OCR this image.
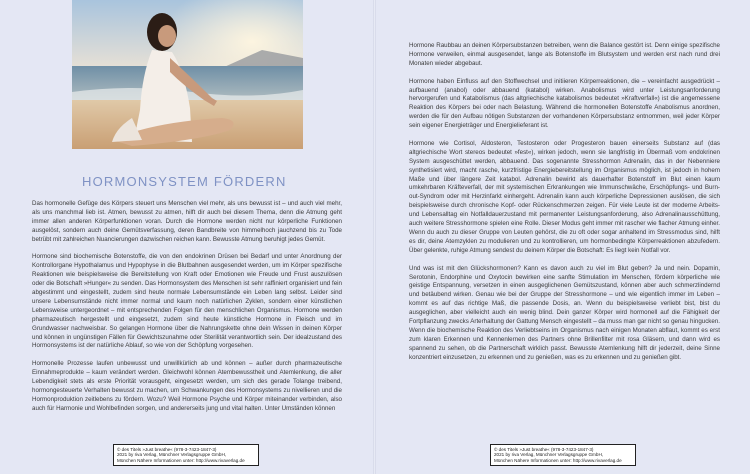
HORMONSYSTEM FÖRDERN

Das hormonelle Gefüge des Körpers steuert uns Menschen viel mehr, als uns bewusst ist – und auch viel mehr, als uns manchmal lieb ist. Atmen, bewusst zu atmen, hilft dir auch bei diesem Thema, denn die Atmung geht immer allen anderen Körperfunktionen voran. Durch die Hormone werden nicht nur körperliche Funktionen ausgelöst, sondern auch deine Gemütsverfassung, deren Bandbreite von himmelhoch jauchzend bis zu Tode betrübt mit zahlreichen Nuancierungen dazwischen reichen kann. Bewusste Atmung beruhigt jedes Gemüt.

Hormone sind biochemische Botenstoffe, die von den endokrinen Drüsen bei Bedarf und unter Anordnung der Kontrollorgane Hypothalamus und Hypophyse in die Blutbahnen ausgesendet werden, um im Körper spezifische Reaktionen wie beispielsweise die Bereitstellung von Kraft oder Emotionen wie Freude und Frust auszulösen oder die Botschaft »Hunger« zu senden. Das Hormonsystem des Menschen ist sehr raffiniert organisiert und fein abgestimmt und eingestellt, zudem sind heute normale Lebensumstände ein Leben lang selbst. Leider sind unsere Lebensumstände nicht immer normal und kaum noch natürlichen Zyklen, sondern einer künstlichen Lebensweise untergeordnet – mit entsprechenden Folgen für den menschlichen Organismus. Hormone werden pharmazeutisch hergestellt und eingesetzt, zudem sind heute künstliche Hormone in Fleisch und im Grundwasser nachweisbar. So gelangen Hormone über die Nahrungskette ohne dein Wissen in deinen Körper und können in ungünstigen Fällen für Gewichtszunahme oder Sterilität verantwortlich sein. Der idealzustand des Hormonsystems ist der natürliche Ablauf, so wie von der Schöpfung vorgesehen.

Hormonelle Prozesse laufen unbewusst und unwillkürlich ab und können – außer durch pharmazeutische Einnahmeprodukte – kaum verändert werden. Gleichwohl können Atembewusstheit und Atemlenkung, die aller Lebendigkeit stets als erste Priorität vorausgeht, eingesetzt werden, um sich des gerade Tolange treibend, hormongesteuerte Verhalten bewusst zu machen, um Schwankungen des Hormonsystems zu nivellieren und die Hormonproduktion zeitlebens zu fördern. Wozu? Weil Hormone Psyche und Körper miteinander verbinden, also auch für Harmonie und Wohlbefinden sorgen, und andererseits jung und vital halten. Unter Umständen können

© des Titels »Just breathe« (978-3-7423-1847-3)
2021 by riva Verlag, Münchner Verlagsgruppe GmbH,
München Nähere Informationen unter: http://www.rivaverlag.de

Hormone Raubbau an deinen Körpersubstanzen betreiben, wenn die Balance gestört ist. Denn einige spezifische Hormone verweilen, einmal ausgesendet, lange als Botenstoffe im Blutsystem und werden erst nach rund drei Monaten wieder abgebaut.

Hormone haben Einfluss auf den Stoffwechsel und initiieren Körperreaktionen, die – vereinfacht ausgedrückt – aufbauend (anabol) oder abbauend (katabol) wirken. Anabolismus wird unter Leistungsanforderung hervorgerufen und Katabolismus (das altgriechische katabolismos bedeutet »Kraftverfall«) ist die angemessene Reaktion des Körpers bei oder nach Belastung. Während die hormonellen Botenstoffe Anabolismus anordnen, werden die für den Aufbau nötigen Substanzen der vorhandenen Körpersubstanz entnommen, weil jeder Körper sein eigener Energieträger und Energielieferant ist.

Hormone wie Cortisol, Aldosteron, Testosteron oder Progesteron bauen einerseits Substanz auf (das altgriechische Wort stereos bedeutet »fest«), wirken jedoch, wenn sie langfristig im Übermaß vom endokrinen System ausgeschüttet werden, abbauend. Das sogenannte Stresshormon Adrenalin, das in der Nebenniere synthetisiert wird, macht rasche, kurzfristige Energiebereitstellung im Organismus möglich, ist jedoch in hohem Maße und über längere Zeit katabol. Adrenalin bewirkt als dauerhafter Botenstoff im Blut einen kaum umkehrbaren Kräfteverfall, der mit systemischen Erkrankungen wie Immunschwäche, Erschöpfungs- und Burn-out-Syndrom oder mit Herzinfarkt einhergeht. Adrenalin kann auch körperliche Depressionen auslösen, die sich beispielsweise durch chronische Kopf- oder Rückenschmerzen zeigen. Für viele Leute ist der moderne Arbeits- und Lebensalltag ein Notfalldauerzustand mit permanenter Leistungsanforderung, also Adrenalinausschüttung, auch weitere Stresshormone spielen eine Rolle. Dieser Modus geht immer mit rascher wie flacher Atmung einher. Wenn du auch zu dieser Gruppe von Leuten gehörst, die zu oft oder sogar anhaltend im Stressmodus sind, hilft es dir, deine Atemzyklen zu modulieren und zu kontrollieren, um hormonbedingte Körperreaktionen abzufedern. Über gelenkte, ruhige Atmung sendest du deinem Körper die Botschaft: Es liegt kein Notfall vor.

Und was ist mit den Glückshormonen? Kann es davon auch zu viel im Blut geben? Ja und nein. Dopamin, Serotonin, Endorphine und Oxytocin bewirken eine sanfte Stimulation im Menschen, fördern körperliche wie geistige Entspannung, versetzen in einen ausgeglichenen Gemütszustand, können aber auch schmerzlindernd und betäubend wirken. Genau wie bei der Gruppe der Stresshormone – und wie eigentlich immer im Leben – kommt es auf das richtige Maß, die passende Dosis, an. Wenn du beispielsweise verliebt bist, bist du ausgeglichen, aber vielleicht auch ein wenig blind. Dein ganzer Körper wird hormonell auf die Fähigkeit der Fortpflanzung zwecks Arterhaltung der Gattung Mensch eingestellt – da muss man gar nicht so genau hingucken. Wenn die biochemische Reaktion des Verliebtseins im Organismus nach einigen Monaten abflaut, kommt es erst zum klaren Erkennen und Kennenlernen des Partners ohne Brillenfilter mit rosa Gläsern, und dann wird es spannend zu sehen, ob die Partnerschaft wirklich passt. Bewusste Atemlenkung hilft dir jederzeit, deine Sinne konzentriert einzusetzen, zu erkennen und zu genießen, was es zu erkennen und zu genießen gibt.

© des Titels »Just breathe« (978-3-7423-1847-3)
2021 by riva Verlag, Münchner Verlagsgruppe GmbH,
München Nähere Informationen unter: http://www.rivaverlag.de
